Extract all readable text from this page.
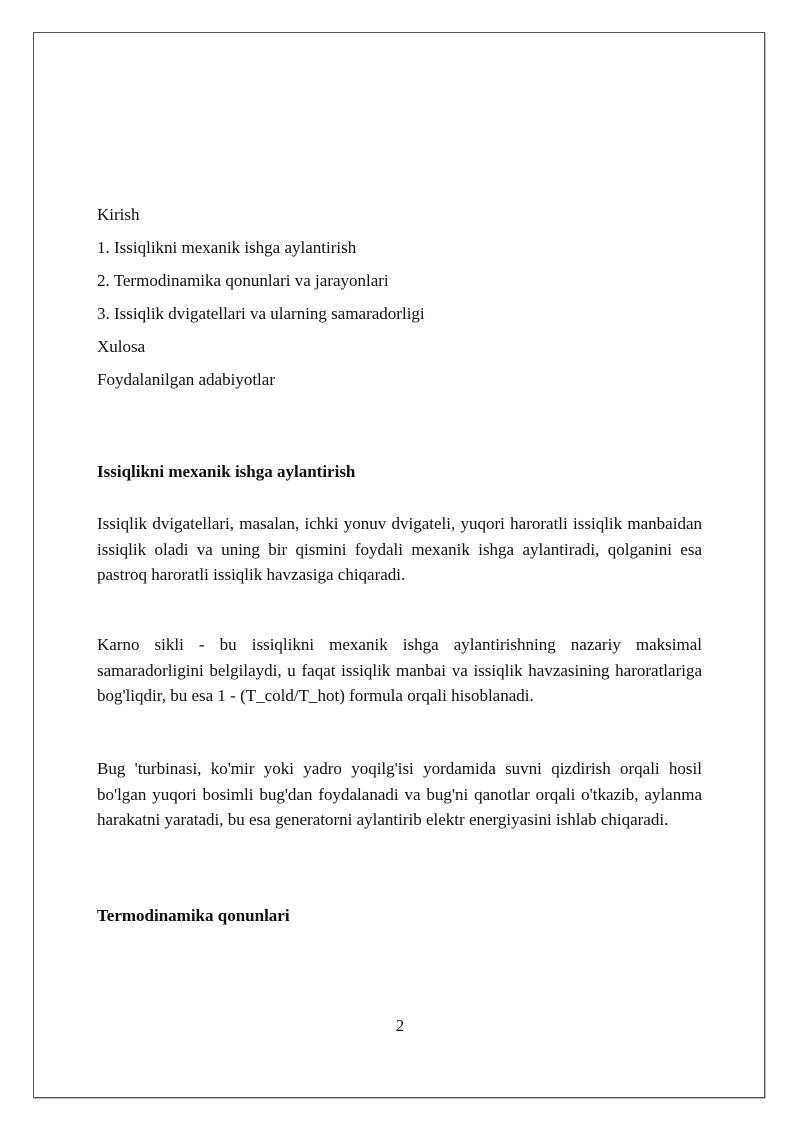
Kirish
1. Issiqlikni mexanik ishga aylantirish
2. Termodinamika qonunlari va jarayonlari
3. Issiqlik dvigatellari va ularning samaradorligi
Xulosa
Foydalanilgan adabiyotlar
Issiqlikni mexanik ishga aylantirish

Issiqlik dvigatellari, masalan, ichki yonuv dvigateli, yuqori haroratli issiqlik manbaidan issiqlik oladi va uning bir qismini foydali mexanik ishga aylantiradi, qolganini esa pastroq haroratli issiqlik havzasiga chiqaradi.

Karno sikli - bu issiqlikni mexanik ishga aylantirishning nazariy maksimal samaradorligini belgilaydi, u faqat issiqlik manbai va issiqlik havzasining haroratlariga bog'liqdir, bu esa 1 - (T_cold/T_hot) formula orqali hisoblanadi.

Bug 'turbinasi, ko'mir yoki yadro yoqilg'isi yordamida suvni qizdirish orqali hosil bo'lgan yuqori bosimli bug'dan foydalanadi va bug'ni qanotlar orqali o'tkazib, aylanma harakatni yaratadi, bu esa generatorni aylantirib elektr energiyasini ishlab chiqaradi.

Termodinamika qonunlari
2
